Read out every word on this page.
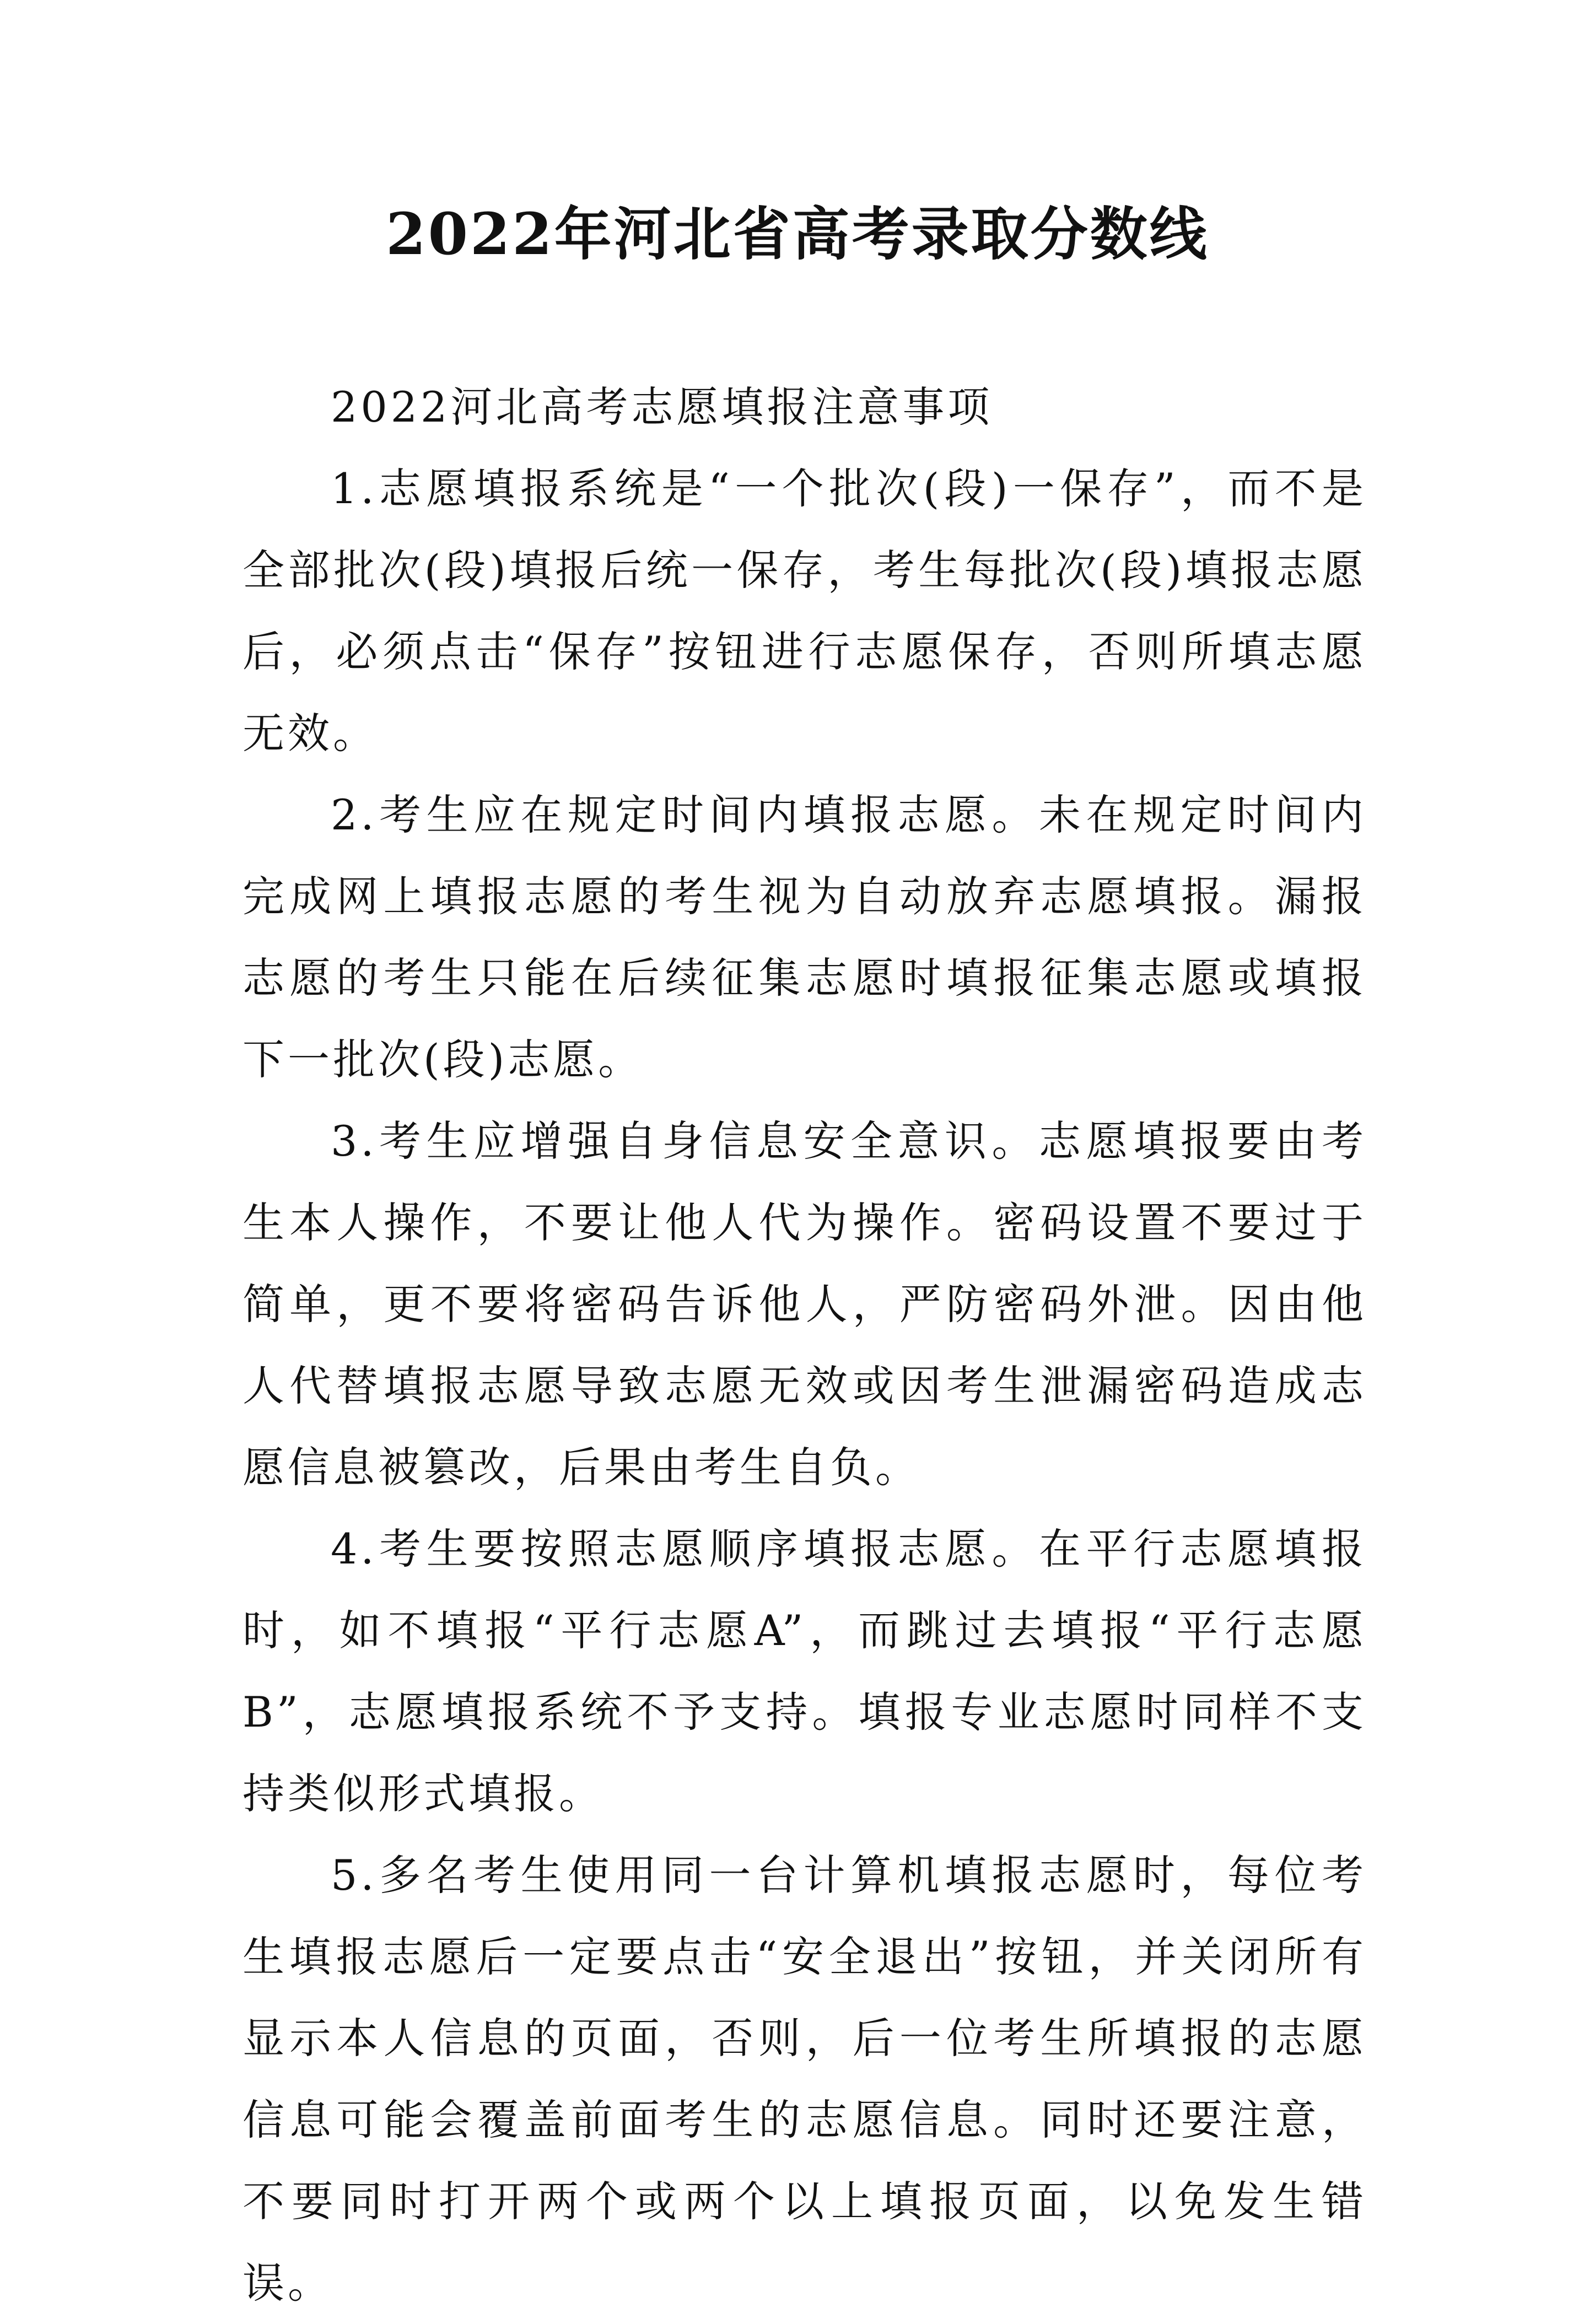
2022年河北省高考录取分数线

2022河北高考志愿填报注意事项

1.志愿填报系统是“一个批次(段)一保存”，而不是全部批次(段)填报后统一保存，考生每批次(段)填报志愿后，必须点击“保存”按钮进行志愿保存，否则所填志愿无效。

2.考生应在规定时间内填报志愿。未在规定时间内完成网上填报志愿的考生视为自动放弃志愿填报。漏报志愿的考生只能在后续征集志愿时填报征集志愿或填报下一批次(段)志愿。

3.考生应增强自身信息安全意识。志愿填报要由考生本人操作，不要让他人代为操作。密码设置不要过于简单，更不要将密码告诉他人，严防密码外泄。因由他人代替填报志愿导致志愿无效或因考生泄漏密码造成志愿信息被篡改，后果由考生自负。

4.考生要按照志愿顺序填报志愿。在平行志愿填报时，如不填报“平行志愿A”，而跳过去填报“平行志愿B”，志愿填报系统不予支持。填报专业志愿时同样不支持类似形式填报。

5.多名考生使用同一台计算机填报志愿时，每位考生填报志愿后一定要点击“安全退出”按钮，并关闭所有显示本人信息的页面，否则，后一位考生所填报的志愿信息可能会覆盖前面考生的志愿信息。同时还要注意，不要同时打开两个或两个以上填报页面，以免发生错误。
